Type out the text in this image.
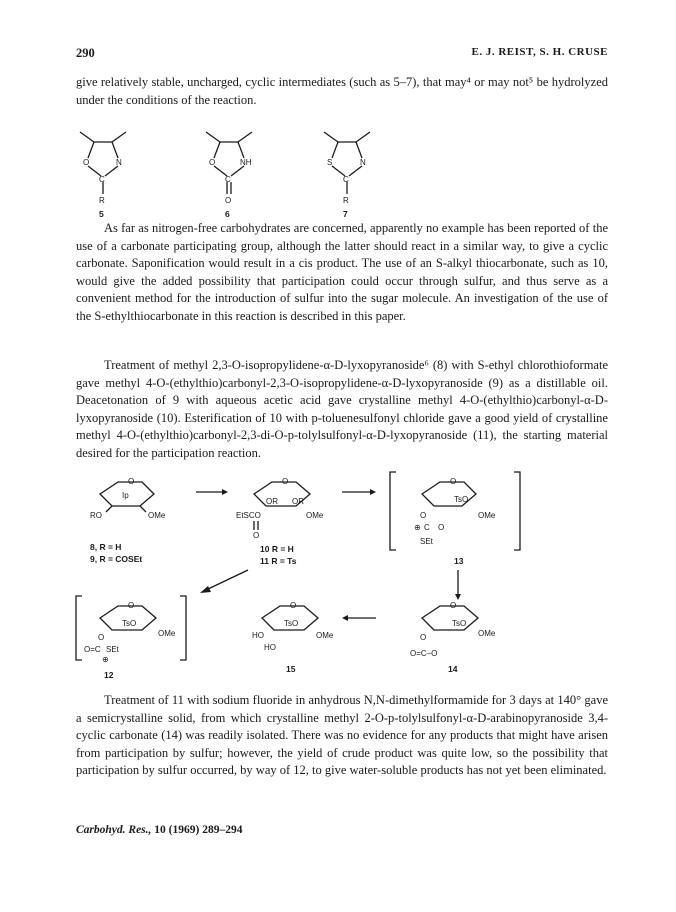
290	E. J. REIST, S. H. CRUSE
give relatively stable, uncharged, cyclic intermediates (such as 5–7), that may⁴ or may not⁵ be hydrolyzed under the conditions of the reaction.
O	N
C
R
5
O	NH
C
O
6
S	N
C
R
7
As far as nitrogen-free carbohydrates are concerned, apparently no example has been reported of the use of a carbonate participating group, although the latter should react in a similar way, to give a cyclic carbonate. Saponification would result in a cis product. The use of an S-alkyl thiocarbonate, such as 10, would give the added possibility that participation could occur through sulfur, and thus serve as a convenient method for the introduction of sulfur into the sugar molecule. An investigation of the use of the S-ethylthiocarbonate in this reaction is described in this paper.
Treatment of methyl 2,3-O-isopropylidene-α-D-lyxopyranoside⁶ (8) with S-ethyl chlorothioformate gave methyl 4-O-(ethylthio)carbonyl-2,3-O-isopropylidene-α-D-lyxopyranoside (9) as a distillable oil. Deacetonation of 9 with aqueous acetic acid gave crystalline methyl 4-O-(ethylthio)carbonyl-α-D-lyxopyranoside (10). Esterification of 10 with p-toluenesulfonyl chloride gave a good yield of crystalline methyl 4-O-(ethylthio)carbonyl-2,3-di-O-p-tolylsulfonyl-α-D-lyxopyranoside (11), the starting material desired for the participation reaction.
O
Ip
RO	OMe
8, R = H
9, R = COSEt
O
OR OR
EtSCO	OMe
O
10 R = H
11 R = Ts
O
TsO
OMe
O
⊕ C O
SEt
13
O
TsO
OMe
O
O=C SEt
⊕
12
O
TsO
OMe
HO
HO
15
O
TsO
OMe
O
O=C–O
14
Treatment of 11 with sodium fluoride in anhydrous N,N-dimethylformamide for 3 days at 140° gave a semicrystalline solid, from which crystalline methyl 2-O-p-tolylsulfonyl-α-D-arabinopyranoside 3,4-cyclic carbonate (14) was readily isolated. There was no evidence for any products that might have arisen from participation by sulfur; however, the yield of crude product was quite low, so the possibility that participation by sulfur occurred, by way of 12, to give water-soluble products has not yet been eliminated.
Carbohyd. Res., 10 (1969) 289–294
